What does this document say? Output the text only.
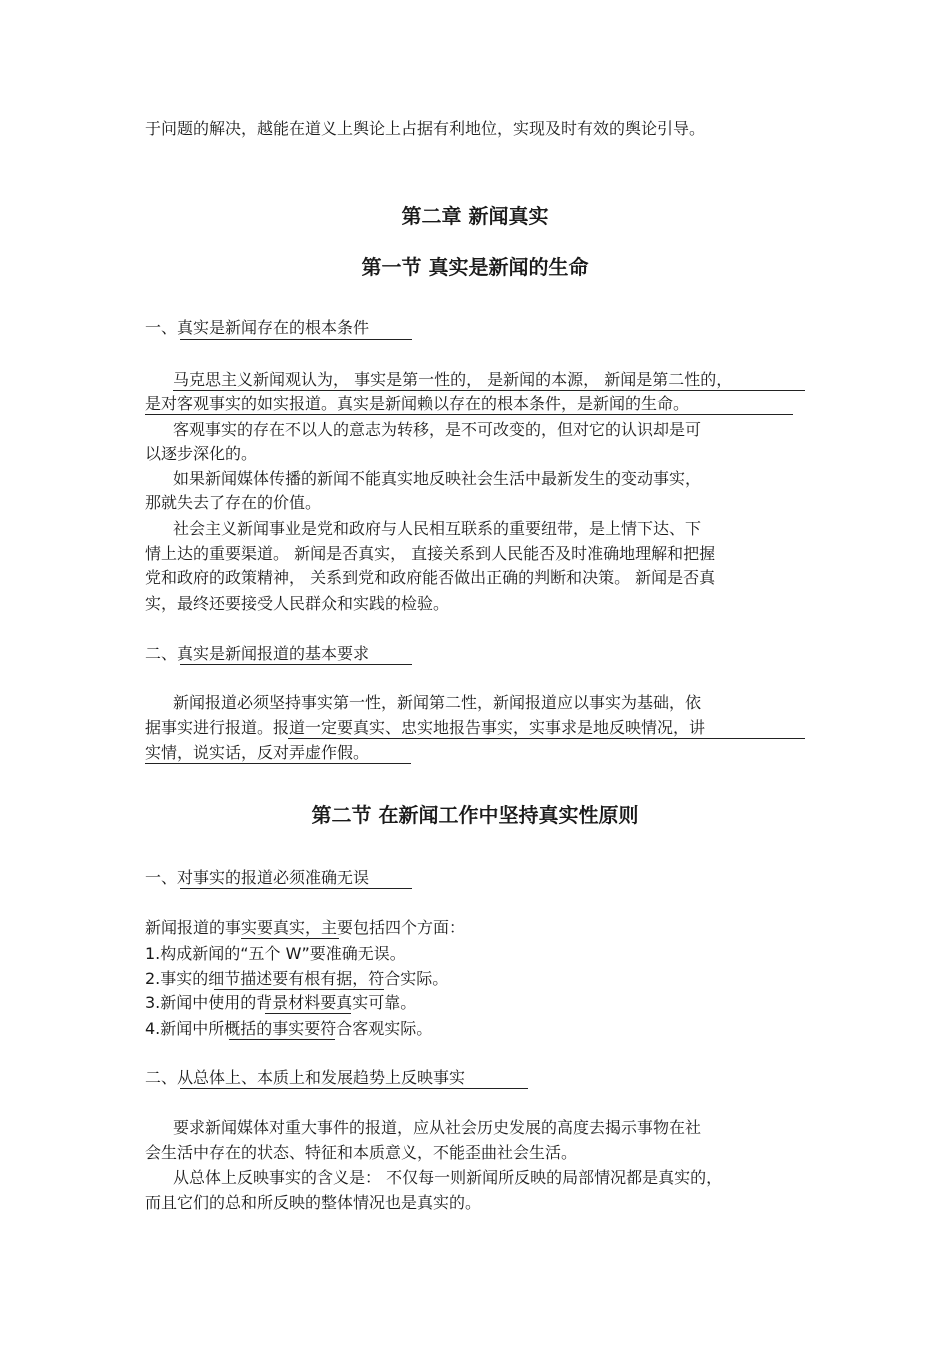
于问题的解决，越能在道义上舆论上占据有利地位，实现及时有效的舆论引导。

第二章 新闻真实
第一节 真实是新闻的生命

一、真实是新闻存在的根本条件

马克思主义新闻观认为， 事实是第一性的， 是新闻的本源， 新闻是第二性的，

是对客观事实的如实报道。真实是新闻赖以存在的根本条件，是新闻的生命。

客观事实的存在不以人的意志为转移，是不可改变的，但对它的认识却是可

以逐步深化的。

如果新闻媒体传播的新闻不能真实地反映社会生活中最新发生的变动事实，

那就失去了存在的价值。

社会主义新闻事业是党和政府与人民相互联系的重要纽带，是上情下达、下

情上达的重要渠道。 新闻是否真实， 直接关系到人民能否及时准确地理解和把握

党和政府的政策精神， 关系到党和政府能否做出正确的判断和决策。 新闻是否真

实，最终还要接受人民群众和实践的检验。

二、真实是新闻报道的基本要求

新闻报道必须坚持事实第一性，新闻第二性，新闻报道应以事实为基础，依

据事实进行报道。报道一定要真实、忠实地报告事实，实事求是地反映情况，讲

实情，说实话，反对弄虚作假。

第二节 在新闻工作中坚持真实性原则

一、对事实的报道必须准确无误

新闻报道的事实要真实，主要包括四个方面：

1.构成新闻的“五个 W”要准确无误。

2.事实的细节描述要有根有据，符合实际。

3.新闻中使用的背景材料要真实可靠。

4.新闻中所概括的事实要符合客观实际。

二、从总体上、本质上和发展趋势上反映事实

要求新闻媒体对重大事件的报道，应从社会历史发展的高度去揭示事物在社

会生活中存在的状态、特征和本质意义，不能歪曲社会生活。

从总体上反映事实的含义是： 不仅每一则新闻所反映的局部情况都是真实的，

而且它们的总和所反映的整体情况也是真实的。
